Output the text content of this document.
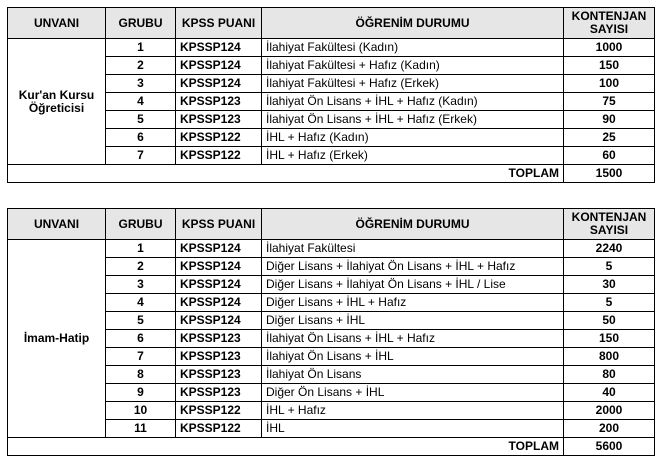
UNVANI	GRUBU	KPSS PUANI	ÖĞRENİM DURUMU	KONTENJAN SAYISI
Kur'an Kursu Öğreticisi	1	KPSSP124	İlahiyat Fakültesi (Kadın)	1000
	2	KPSSP124	İlahiyat Fakültesi + Hafız (Kadın)	150
	3	KPSSP124	İlahiyat Fakültesi + Hafız (Erkek)	100
	4	KPSSP123	İlahiyat Ön Lisans + İHL + Hafız (Kadın)	75
	5	KPSSP123	İlahiyat Ön Lisans + İHL + Hafız (Erkek)	90
	6	KPSSP122	İHL + Hafız (Kadın)	25
	7	KPSSP122	İHL + Hafız (Erkek)	60
TOPLAM				1500
UNVANI	GRUBU	KPSS PUANI	ÖĞRENİM DURUMU	KONTENJAN SAYISI
İmam-Hatip	1	KPSSP124	İlahiyat Fakültesi	2240
	2	KPSSP124	Diğer Lisans + İlahiyat Ön Lisans + İHL + Hafız	5
	3	KPSSP124	Diğer Lisans + İlahiyat Ön Lisans + İHL / Lise	30
	4	KPSSP124	Diğer Lisans + İHL + Hafız	5
	5	KPSSP124	Diğer Lisans + İHL	50
	6	KPSSP123	İlahiyat Ön Lisans + İHL + Hafız	150
	7	KPSSP123	İlahiyat Ön Lisans + İHL	800
	8	KPSSP123	İlahiyat Ön Lisans	80
	9	KPSSP123	Diğer Ön Lisans + İHL	40
	10	KPSSP122	İHL + Hafız	2000
	11	KPSSP122	İHL	200
TOPLAM				5600
